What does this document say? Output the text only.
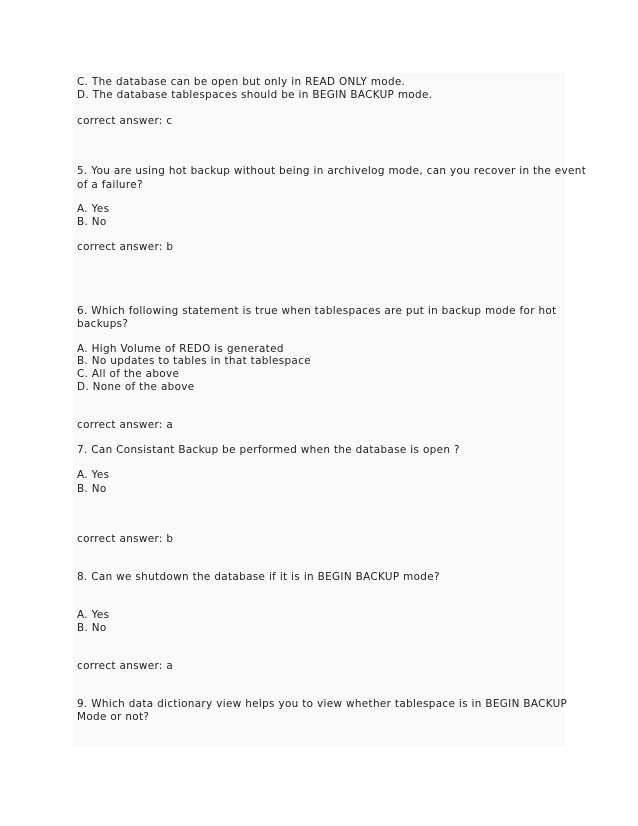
C. The database can be open but only in READ ONLY mode.
D. The database tablespaces should be in BEGIN BACKUP mode.
correct answer: c
5. You are using hot backup without being in archivelog mode, can you recover in the event
of a failure?
A. Yes
B. No
correct answer: b
6. Which following statement is true when tablespaces are put in backup mode for hot
backups?
A. High Volume of REDO is generated
B. No updates to tables in that tablespace
C. All of the above
D. None of the above
correct answer: a
7. Can Consistant Backup be performed when the database is open ?
A. Yes
B. No
correct answer: b
8. Can we shutdown the database if it is in BEGIN BACKUP mode?
A. Yes
B. No
correct answer: a
9. Which data dictionary view helps you to view whether tablespace is in BEGIN BACKUP
Mode or not?
